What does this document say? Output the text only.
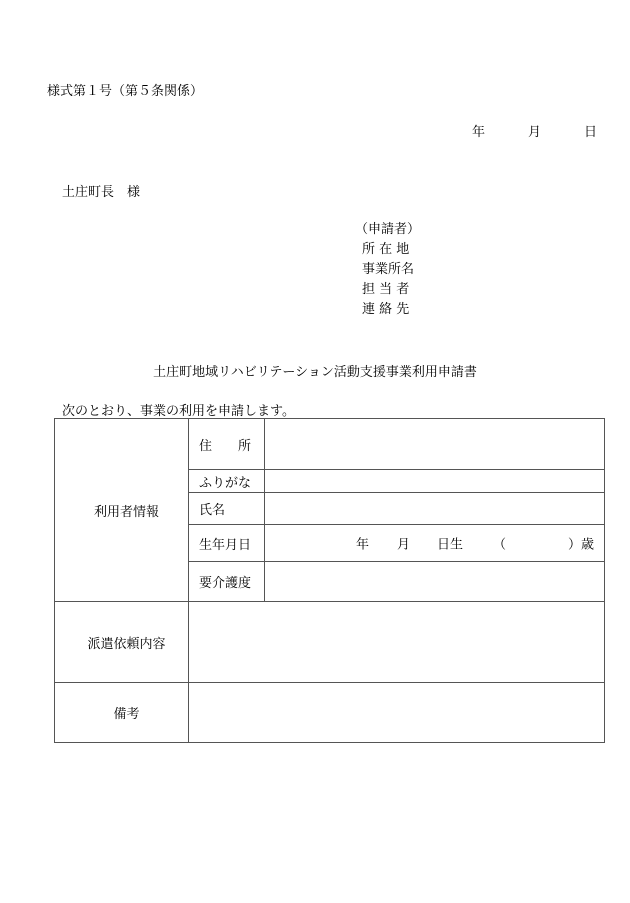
様式第１号（第５条関係）
年	月	日
土庄町長　様
（申請者）
所 在 地
事業所名
担 当 者
連 絡 先
土庄町地域リハビリテーション活動支援事業利用申請書
次のとおり、事業の利用を申請します。
利用者情報	住　　所	
	ふりがな	
	氏名	
	生年月日	年 月 日生 （ ）歳

	要介護度	
派遣依頼内容		
備考		
